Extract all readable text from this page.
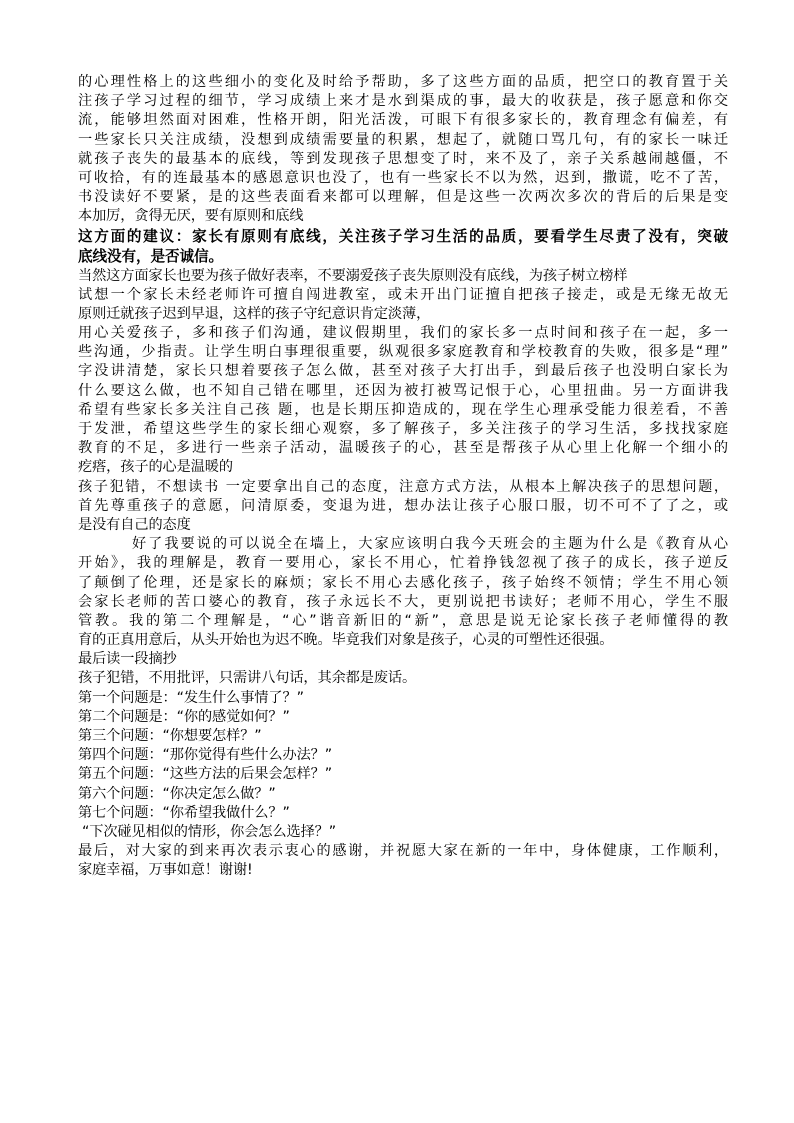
的心理性格上的这些细小的变化及时给予帮助，多了这些方面的品质，把空口的教育置于关
注孩子学习过程的细节，学习成绩上来才是水到渠成的事，最大的收获是，孩子愿意和你交
流，能够坦然面对困难，性格开朗，阳光活泼，可眼下有很多家长的，教育理念有偏差，有
一些家长只关注成绩，没想到成绩需要量的积累，想起了，就随口骂几句，有的家长一味迁
就孩子丧失的最基本的底线，等到发现孩子思想变了时，来不及了，亲子关系越闹越僵，不
可收拾，有的连最基本的感恩意识也没了，也有一些家长不以为然，迟到，撒谎，吃不了苦，
书没读好不要紧，是的这些表面看来都可以理解，但是这些一次两次多次的背后的后果是变
本加厉，贪得无厌，要有原则和底线
这方面的建议：家长有原则有底线，关注孩子学习生活的品质，要看学生尽责了没有，突破
底线没有，是否诚信。
当然这方面家长也要为孩子做好表率，不要溺爱孩子丧失原则没有底线，为孩子树立榜样
试想一个家长未经老师许可擅自闯进教室，或未开出门证擅自把孩子接走，或是无缘无故无
原则迁就孩子迟到早退，这样的孩子守纪意识肯定淡薄，
用心关爱孩子，多和孩子们沟通，建议假期里，我们的家长多一点时间和孩子在一起，多一
些沟通，少指责。让学生明白事理很重要，纵观很多家庭教育和学校教育的失败，很多是“理”
字没讲清楚，家长只想着要孩子怎么做，甚至对孩子大打出手，到最后孩子也没明白家长为
什么要这么做，也不知自己错在哪里，还因为被打被骂记恨于心，心里扭曲。另一方面讲我
希望有些家长多关注自己孩 题，也是长期压抑造成的，现在学生心理承受能力很差看，不善
于发泄，希望这些学生的家长细心观察，多了解孩子，多关注孩子的学习生活，多找找家庭
教育的不足，多进行一些亲子活动，温暖孩子的心，甚至是帮孩子从心里上化解一个细小的
疙瘩，孩子的心是温暖的
孩子犯错，不想读书 一定要拿出自己的态度，注意方式方法，从根本上解决孩子的思想问题，
首先尊重孩子的意愿，问清原委，变退为进，想办法让孩子心服口服，切不可不了了之，或
是没有自己的态度
好了我要说的可以说全在墙上，大家应该明白我今天班会的主题为什么是《教育从心
开始》，我的理解是，教育一要用心，家长不用心，忙着挣钱忽视了孩子的成长，孩子逆反
了颠倒了伦理，还是家长的麻烦；家长不用心去感化孩子，孩子始终不领情；学生不用心领
会家长老师的苦口婆心的教育，孩子永远长不大，更别说把书读好；老师不用心，学生不服
管教。我的第二个理解是，“心”谐音新旧的“新”，意思是说无论家长孩子老师懂得的教
育的正真用意后，从头开始也为迟不晚。毕竟我们对象是孩子，心灵的可塑性还很强。
最后读一段摘抄
孩子犯错，不用批评，只需讲八句话，其余都是废话。
第一个问题是：“发生什么事情了？”
第二个问题是：“你的感觉如何？”
第三个问题：“你想要怎样？”
第四个问题：“那你觉得有些什么办法？”
第五个问题：“这些方法的后果会怎样？”
第六个问题：“你决定怎么做？”
第七个问题：“你希望我做什么？”
“下次碰见相似的情形，你会怎么选择？”
最后，对大家的到来再次表示衷心的感谢，并祝愿大家在新的一年中，身体健康，工作顺利，
家庭幸福，万事如意！谢谢!
